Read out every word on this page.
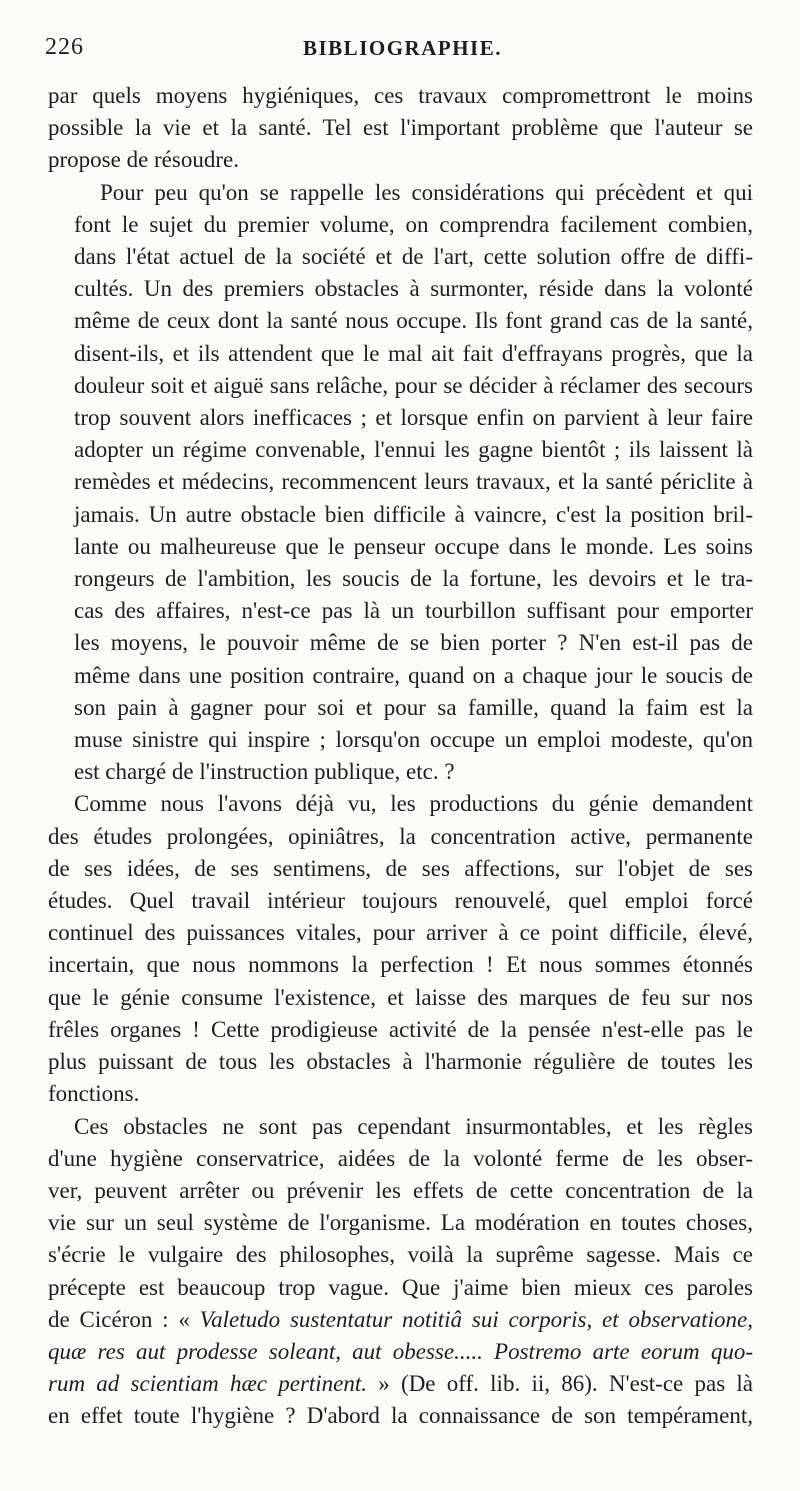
226	BIBLIOGRAPHIE.
par quels moyens hygiéniques, ces travaux compromettront le moins
possible la vie et la santé. Tel est l'important problème que l'auteur se
propose de résoudre.
Pour peu qu'on se rappelle les considérations qui précèdent et qui
font le sujet du premier volume, on comprendra facilement combien,
dans l'état actuel de la société et de l'art, cette solution offre de diffi-
cultés. Un des premiers obstacles à surmonter, réside dans la volonté
même de ceux dont la santé nous occupe. Ils font grand cas de la santé,
disent-ils, et ils attendent que le mal ait fait d'effrayans progrès, que la
douleur soit et aiguë sans relâche, pour se décider à réclamer des secours
trop souvent alors inefficaces ; et lorsque enfin on parvient à leur faire
adopter un régime convenable, l'ennui les gagne bientôt ; ils laissent là
remèdes et médecins, recommencent leurs travaux, et la santé périclite à
jamais. Un autre obstacle bien difficile à vaincre, c'est la position bril-
lante ou malheureuse que le penseur occupe dans le monde. Les soins
rongeurs de l'ambition, les soucis de la fortune, les devoirs et le tra-
cas des affaires, n'est-ce pas là un tourbillon suffisant pour emporter
les moyens, le pouvoir même de se bien porter ? N'en est-il pas de
même dans une position contraire, quand on a chaque jour le soucis de
son pain à gagner pour soi et pour sa famille, quand la faim est la
muse sinistre qui inspire ; lorsqu'on occupe un emploi modeste, qu'on
est chargé de l'instruction publique, etc. ?
Comme nous l'avons déjà vu, les productions du génie demandent
des études prolongées, opiniâtres, la concentration active, permanente
de ses idées, de ses sentimens, de ses affections, sur l'objet de ses
études. Quel travail intérieur toujours renouvelé, quel emploi forcé
continuel des puissances vitales, pour arriver à ce point difficile, élevé,
incertain, que nous nommons la perfection ! Et nous sommes étonnés
que le génie consume l'existence, et laisse des marques de feu sur nos
frêles organes ! Cette prodigieuse activité de la pensée n'est-elle pas le
plus puissant de tous les obstacles à l'harmonie régulière de toutes les
fonctions.
Ces obstacles ne sont pas cependant insurmontables, et les règles
d'une hygiène conservatrice, aidées de la volonté ferme de les obser-
ver, peuvent arrêter ou prévenir les effets de cette concentration de la
vie sur un seul système de l'organisme. La modération en toutes choses,
s'écrie le vulgaire des philosophes, voilà la suprême sagesse. Mais ce
précepte est beaucoup trop vague. Que j'aime bien mieux ces paroles
de Cicéron : « Valetudo sustentatur notitiâ sui corporis, et observatione,
quæ res aut prodesse soleant, aut obesse..... Postremo arte eorum quo-
rum ad scientiam hæc pertinent. » (De off. lib. ii, 86). N'est-ce pas là
en effet toute l'hygiène ? D'abord la connaissance de son tempérament,
